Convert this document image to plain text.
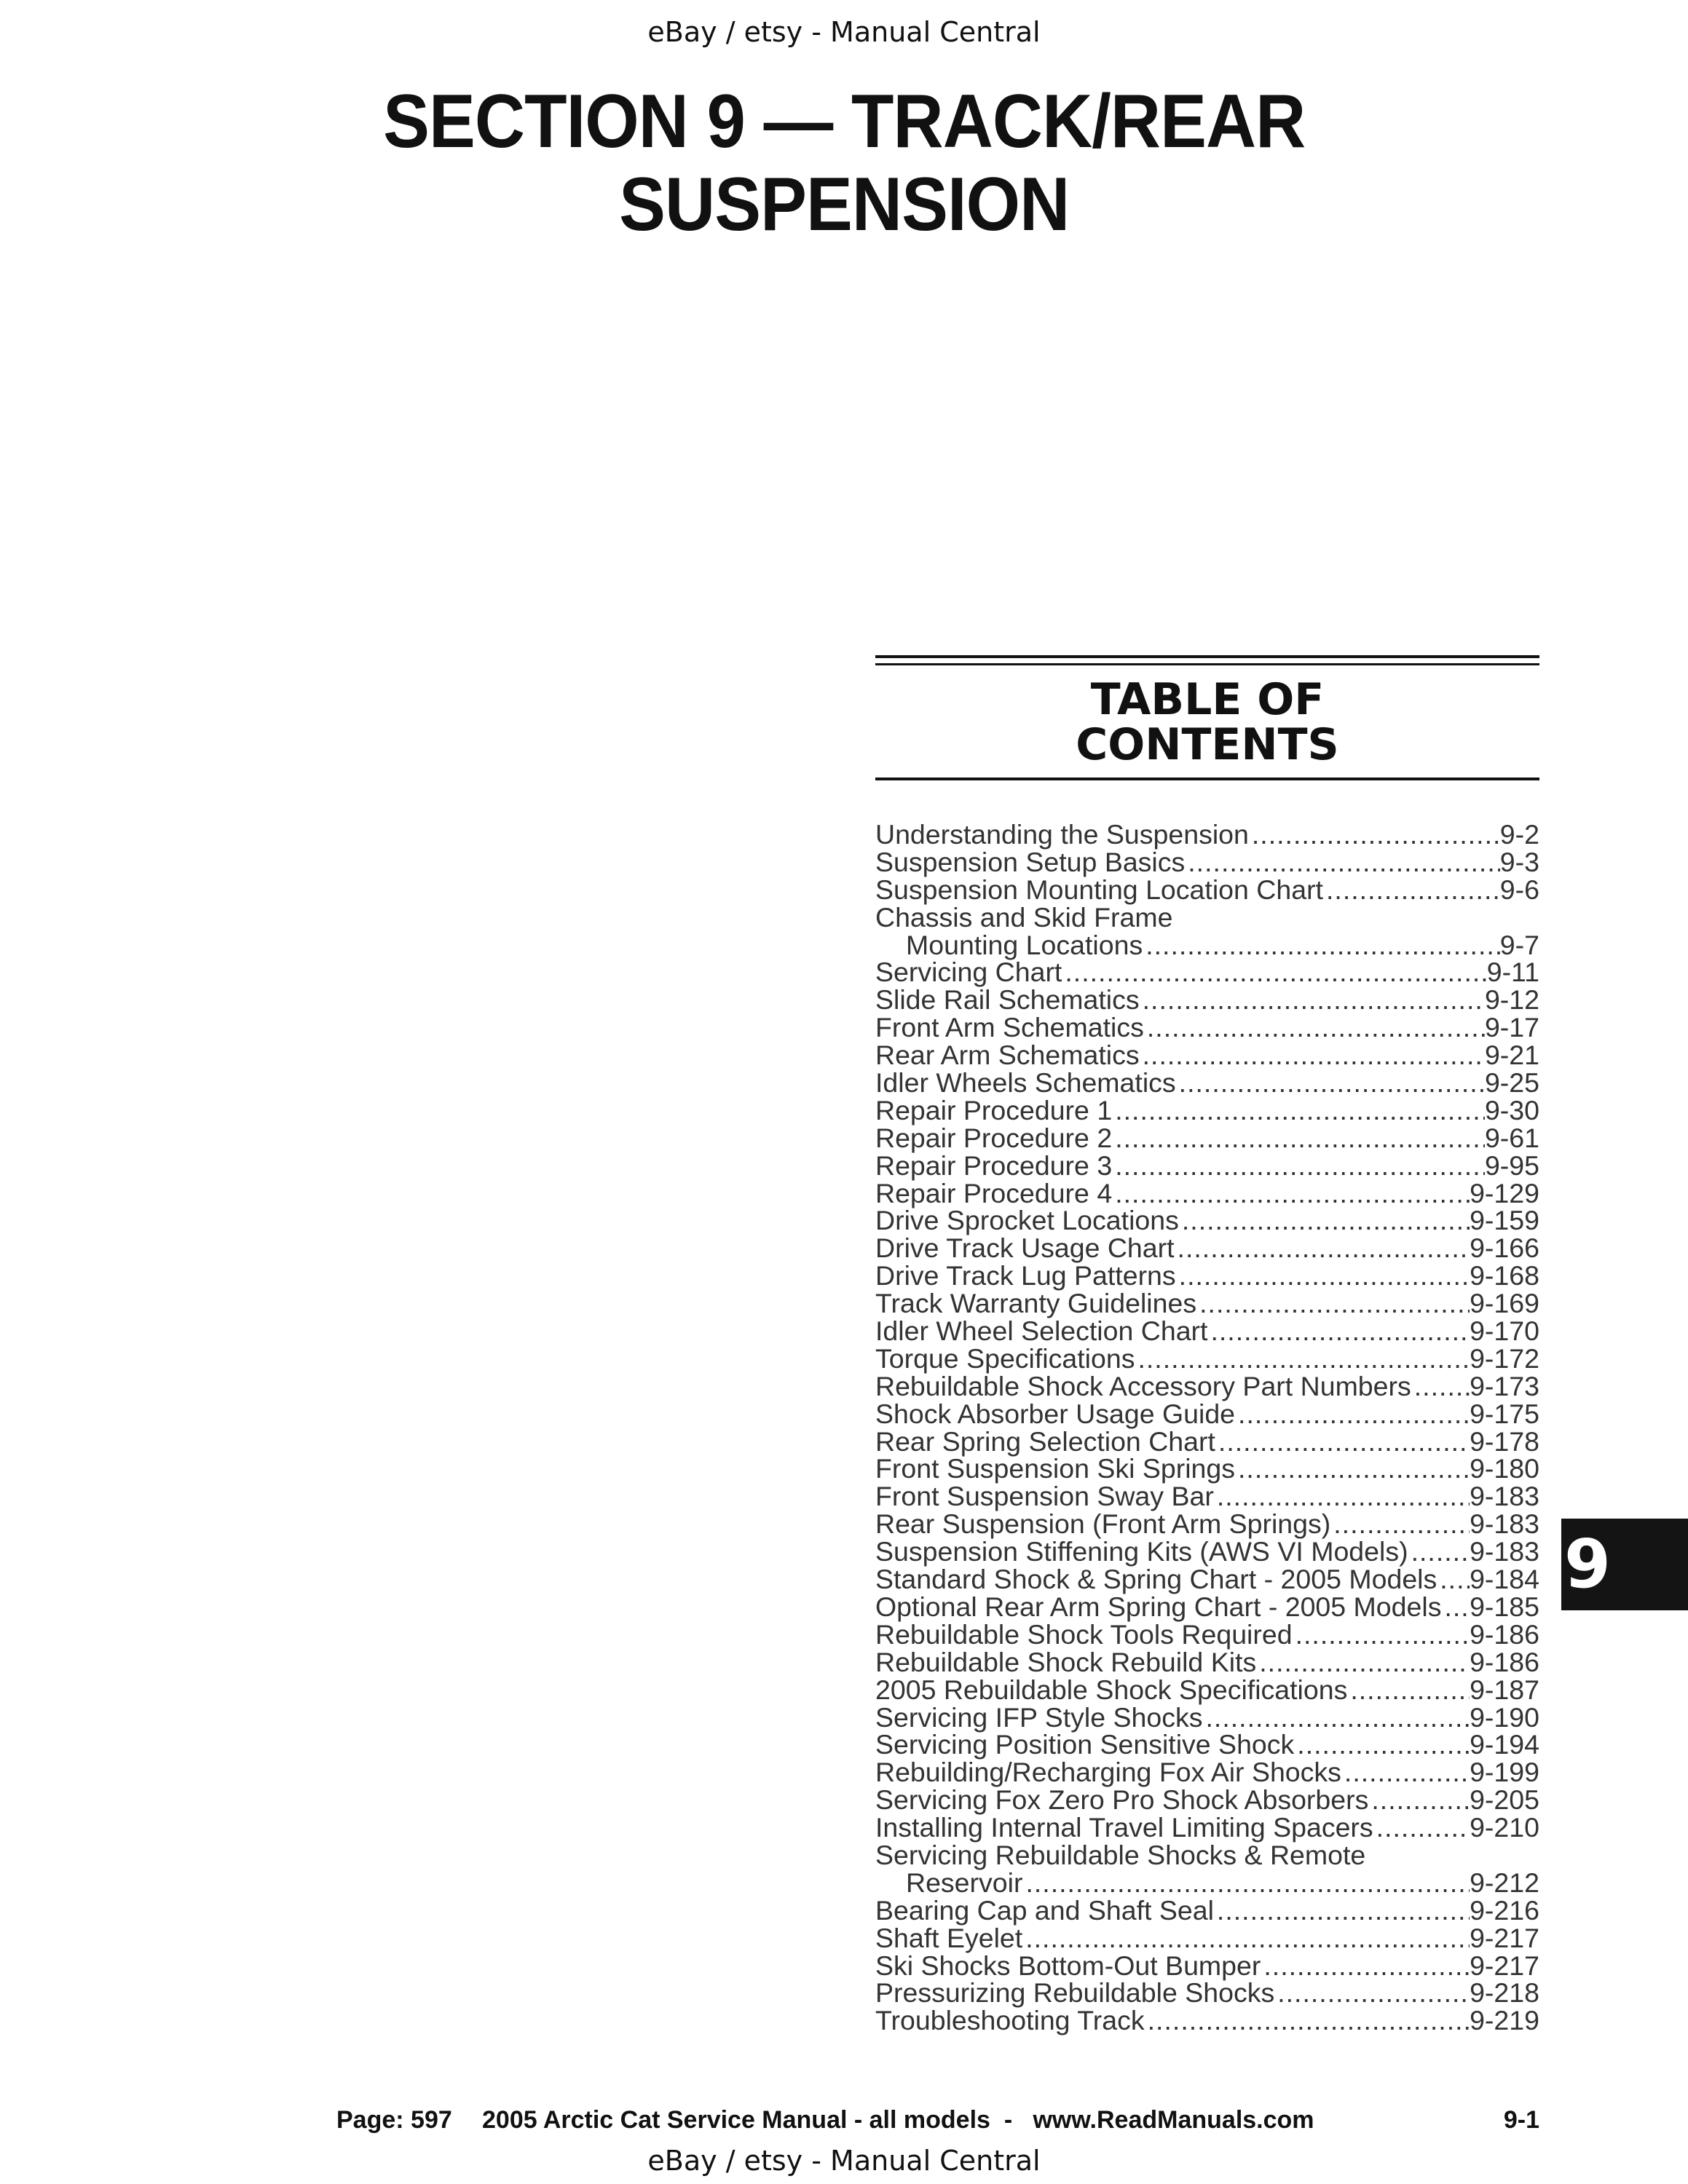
eBay / etsy - Manual Central
SECTION 9 — TRACK/REAR
SUSPENSION
TABLE OF
CONTENTS
Understanding the Suspension .....	9-2
Suspension Setup Basics .....	9-3
Suspension Mounting Location Chart .....	9-6
Chassis and Skid Frame
Mounting Locations .....	9-7
Servicing Chart .....	9-11
Slide Rail Schematics .....	9-12
Front Arm Schematics .....	9-17
Rear Arm Schematics .....	9-21
Idler Wheels Schematics .....	9-25
Repair Procedure 1 .....	9-30
Repair Procedure 2 .....	9-61
Repair Procedure 3 .....	9-95
Repair Procedure 4 .....	9-129
Drive Sprocket Locations .....	9-159
Drive Track Usage Chart .....	9-166
Drive Track Lug Patterns .....	9-168
Track Warranty Guidelines .....	9-169
Idler Wheel Selection Chart .....	9-170
Torque Specifications .....	9-172
Rebuildable Shock Accessory Part Numbers ..... 9-173
Shock Absorber Usage Guide .....	9-175
Rear Spring Selection Chart .....	9-178
Front Suspension Ski Springs .....	9-180
Front Suspension Sway Bar .....	9-183
Rear Suspension (Front Arm Springs) .....	9-183
Suspension Stiffening Kits (AWS VI Models) ..... 9-183
Standard Shock & Spring Chart - 2005 Models ..... 9-184
Optional Rear Arm Spring Chart - 2005 Models ..... 9-185
Rebuildable Shock Tools Required .....	9-186
Rebuildable Shock Rebuild Kits .....	9-186
2005 Rebuildable Shock Specifications .....	9-187
Servicing IFP Style Shocks .....	9-190
Servicing Position Sensitive Shock .....	9-194
Rebuilding/Recharging Fox Air Shocks .....	9-199
Servicing Fox Zero Pro Shock Absorbers .....	9-205
Installing Internal Travel Limiting Spacers .....	9-210
Servicing Rebuildable Shocks & Remote
Reservoir .....	9-212
Bearing Cap and Shaft Seal .....	9-216
Shaft Eyelet .....	9-217
Ski Shocks Bottom-Out Bumper .....	9-217
Pressurizing Rebuildable Shocks .....	9-218
Troubleshooting Track .....	9-219
9
Page: 597 2005 Arctic Cat Service Manual - all models  -   www.ReadManuals.com	9-1
eBay / etsy - Manual Central
